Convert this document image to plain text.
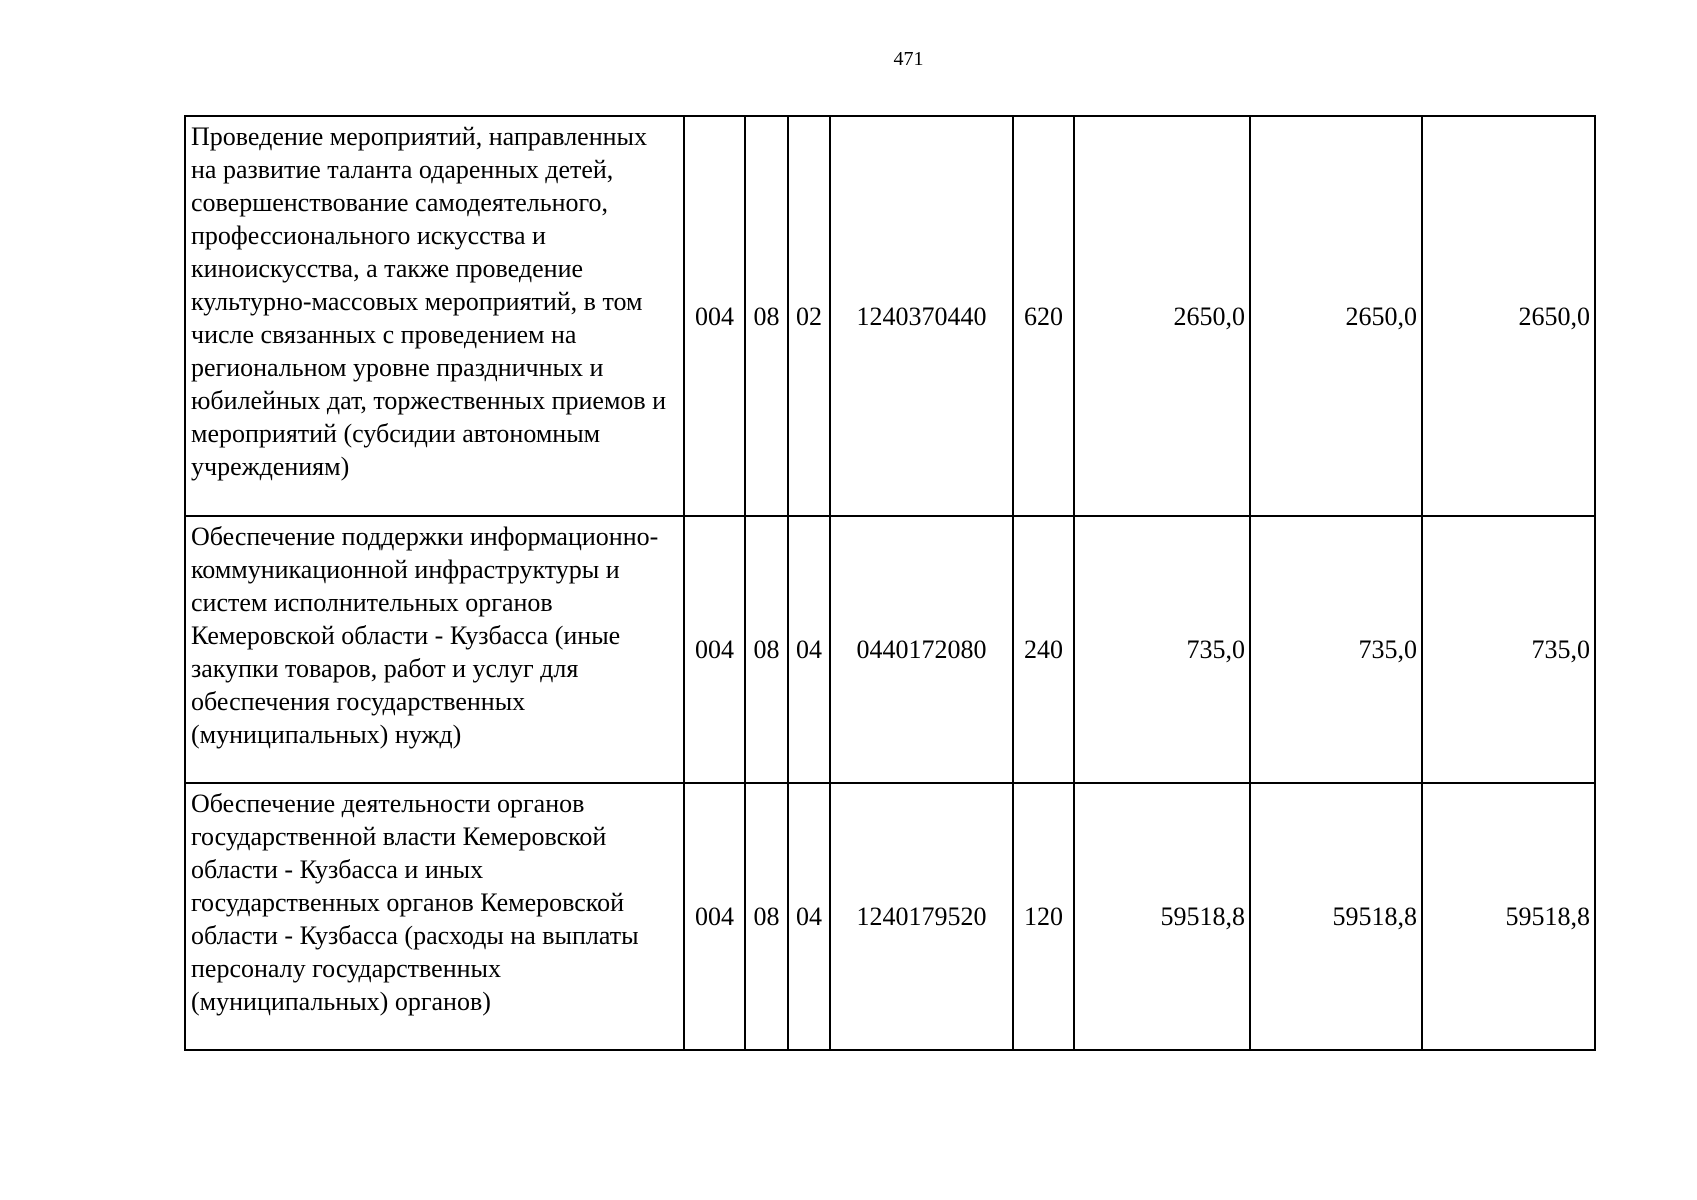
471
Проведение мероприятий, направленных на развитие таланта одаренных детей, совершенствование самодеятельного, профессионального искусства и киноискусства, а также проведение культурно-массовых мероприятий, в том числе связанных с проведением на региональном уровне праздничных и юбилейных дат, торжественных приемов и мероприятий (субсидии автономным учреждениям)	004	08	02	1240370440	620	2650,0	2650,0	2650,0
Обеспечение поддержки информационно-коммуникационной инфраструктуры и систем исполнительных органов Кемеровской области - Кузбасса (иные закупки товаров, работ и услуг для обеспечения государственных (муниципальных) нужд)	004	08	04	0440172080	240	735,0	735,0	735,0
Обеспечение деятельности органов государственной власти Кемеровской области - Кузбасса и иных государственных органов Кемеровской области - Кузбасса (расходы на выплаты персоналу государственных (муниципальных) органов)	004	08	04	1240179520	120	59518,8	59518,8	59518,8
